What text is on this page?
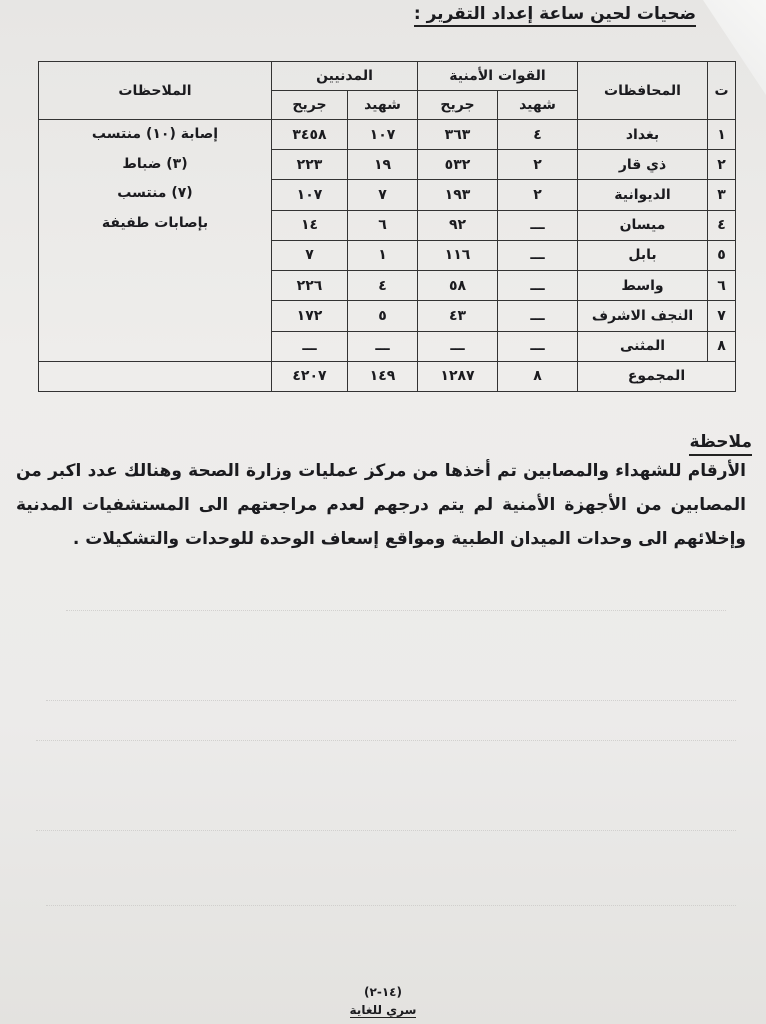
ضحيات لحين ساعة إعداد التقرير :
ت	المحافظات	القوات الأمنية		المدنيين		الملاحظات
		شهيد	جريح	شهيد	جريح	
١	بغداد	٤	٣٦٣	١٠٧	٣٤٥٨	إصابة (١٠) منتسب
(٣) ضباط
(٧) منتسب
بإصابات طفيفة

٢	ذي قار	٢	٥٣٢	١٩	٢٢٣	
٣	الديوانية	٢	١٩٣	٧	١٠٧	
٤	ميسان	ـــ	٩٢	٦	١٤	
٥	بابل	ـــ	١١٦	١	٧	
٦	واسط	ـــ	٥٨	٤	٢٢٦	
٧	النجف الاشرف	ـــ	٤٣	٥	١٧٢	
٨	المثنى	ـــ	ـــ	ـــ	ـــ	
المجموع		٨	١٢٨٧	١٤٩	٤٢٠٧	
ملاحظة
الأرقام للشهداء والمصابين تم أخذها من مركز عمليات وزارة الصحة وهنالك عدد اكبر من المصابين من الأجهزة الأمنية لم يتم درجهم لعدم مراجعتهم الى المستشفيات المدنية وإخلائهم الى وحدات الميدان الطبية ومواقع إسعاف الوحدة للوحدات والتشكيلات .
(١٤-٢)
سري للغاية
